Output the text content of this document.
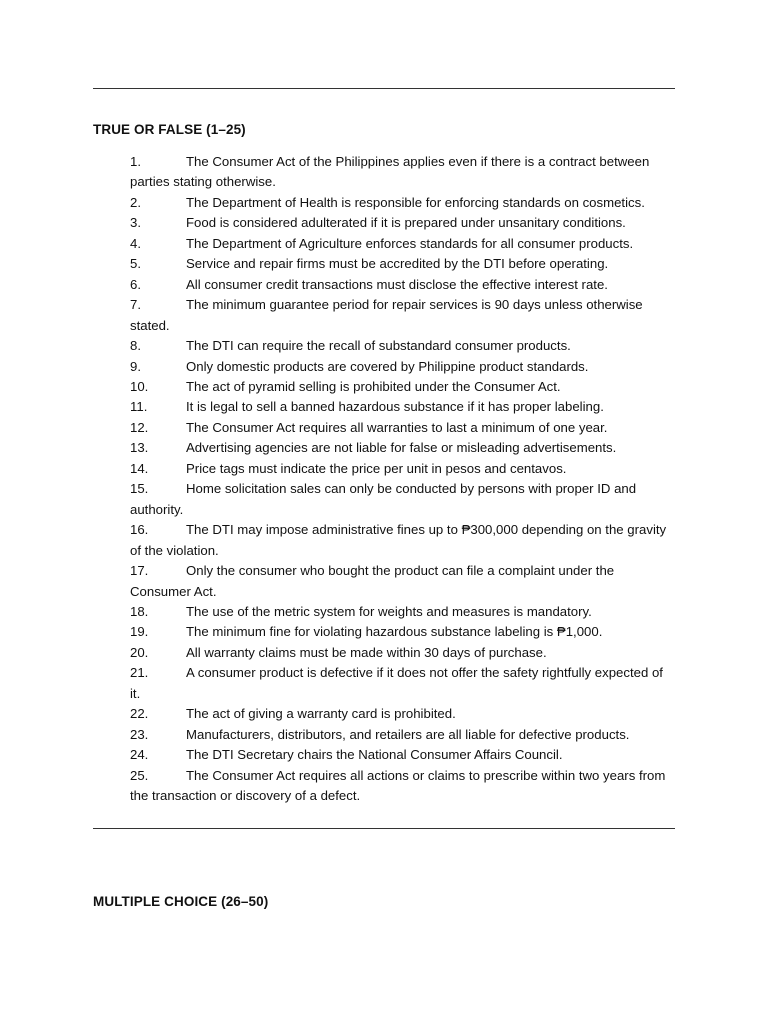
TRUE OR FALSE (1–25)
1.	The Consumer Act of the Philippines applies even if there is a contract between parties stating otherwise.
2.	The Department of Health is responsible for enforcing standards on cosmetics.
3.	Food is considered adulterated if it is prepared under unsanitary conditions.
4.	The Department of Agriculture enforces standards for all consumer products.
5.	Service and repair firms must be accredited by the DTI before operating.
6.	All consumer credit transactions must disclose the effective interest rate.
7.	The minimum guarantee period for repair services is 90 days unless otherwise stated.
8.	The DTI can require the recall of substandard consumer products.
9.	Only domestic products are covered by Philippine product standards.
10.	The act of pyramid selling is prohibited under the Consumer Act.
11.	It is legal to sell a banned hazardous substance if it has proper labeling.
12.	The Consumer Act requires all warranties to last a minimum of one year.
13.	Advertising agencies are not liable for false or misleading advertisements.
14.	Price tags must indicate the price per unit in pesos and centavos.
15.	Home solicitation sales can only be conducted by persons with proper ID and authority.
16.	The DTI may impose administrative fines up to ₱300,000 depending on the gravity of the violation.
17.	Only the consumer who bought the product can file a complaint under the Consumer Act.
18.	The use of the metric system for weights and measures is mandatory.
19.	The minimum fine for violating hazardous substance labeling is ₱1,000.
20.	All warranty claims must be made within 30 days of purchase.
21.	A consumer product is defective if it does not offer the safety rightfully expected of it.
22.	The act of giving a warranty card is prohibited.
23.	Manufacturers, distributors, and retailers are all liable for defective products.
24.	The DTI Secretary chairs the National Consumer Affairs Council.
25.	The Consumer Act requires all actions or claims to prescribe within two years from the transaction or discovery of a defect.
MULTIPLE CHOICE (26–50)
